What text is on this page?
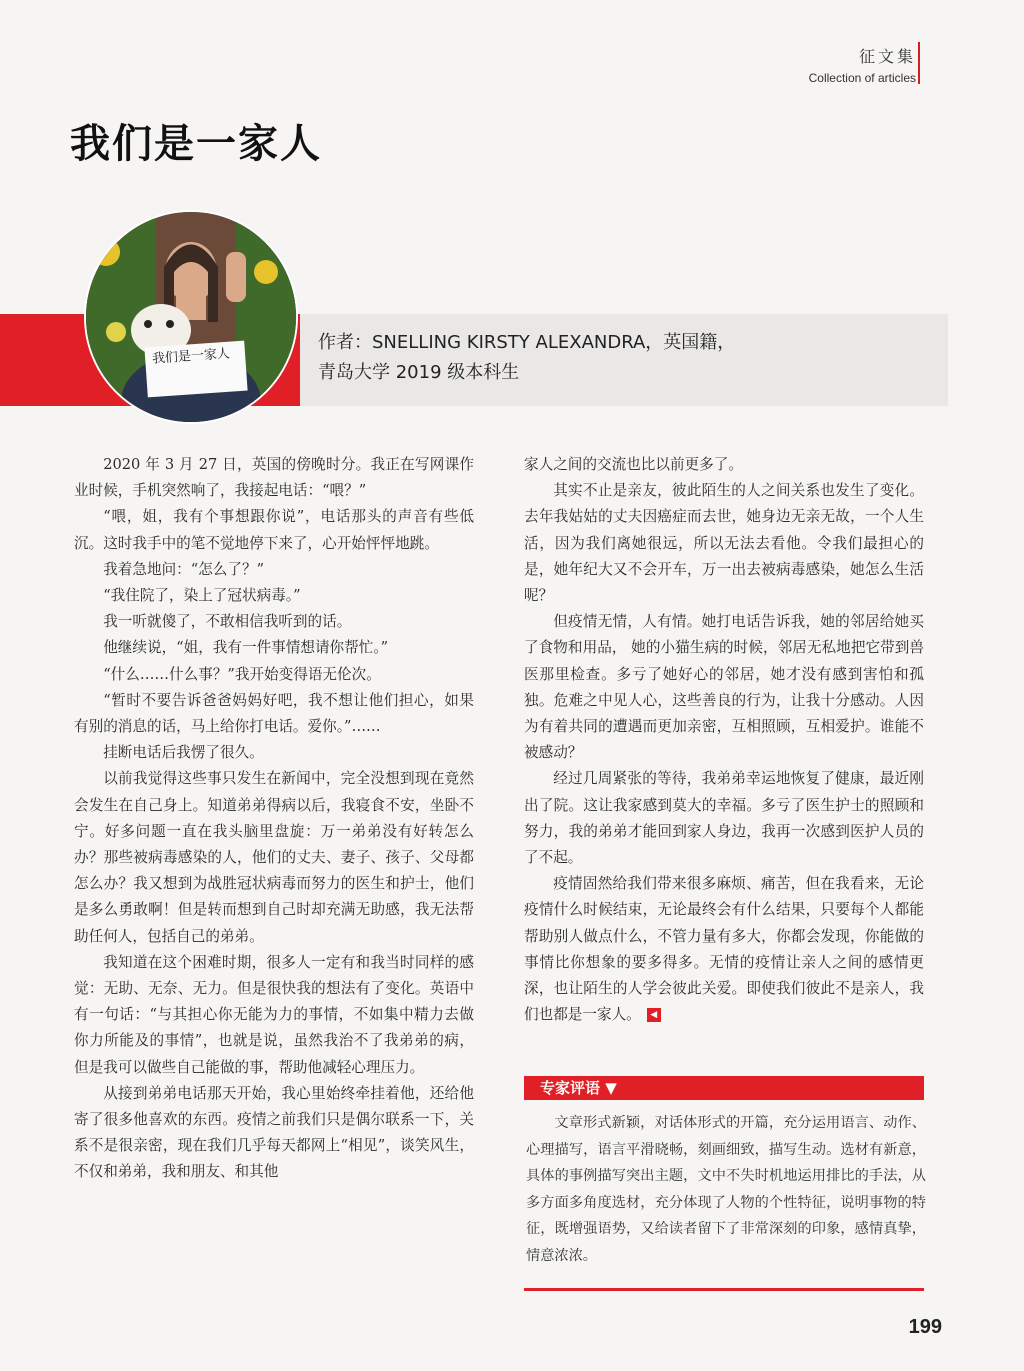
征文集
Collection of articles
我们是一家人
我们是一家人
作者：SNELLING KIRSTY ALEXANDRA，英国籍，
青岛大学 2019 级本科生

2020 年 3 月 27 日，英国的傍晚时分。我正在写网课作业时候，手机突然响了，我接起电话：“喂？”

“喂，姐，我有个事想跟你说”，电话那头的声音有些低沉。这时我手中的笔不觉地停下来了，心开始怦怦地跳。

我着急地问：“怎么了？”

“我住院了，染上了冠状病毒。”

我一听就傻了，不敢相信我听到的话。

他继续说，“姐，我有一件事情想请你帮忙。”

“什么……什么事？”我开始变得语无伦次。

“暂时不要告诉爸爸妈妈好吧，我不想让他们担心，如果有别的消息的话，马上给你打电话。爱你。”……

挂断电话后我愣了很久。

以前我觉得这些事只发生在新闻中，完全没想到现在竟然会发生在自己身上。知道弟弟得病以后，我寝食不安，坐卧不宁。好多问题一直在我头脑里盘旋：万一弟弟没有好转怎么办？那些被病毒感染的人，他们的丈夫、妻子、孩子、父母都怎么办？我又想到为战胜冠状病毒而努力的医生和护士，他们是多么勇敢啊！但是转而想到自己时却充满无助感，我无法帮助任何人，包括自己的弟弟。

我知道在这个困难时期，很多人一定有和我当时同样的感觉：无助、无奈、无力。但是很快我的想法有了变化。英语中有一句话：“与其担心你无能为力的事情，不如集中精力去做你力所能及的事情”，也就是说，虽然我治不了我弟弟的病，但是我可以做些自己能做的事，帮助他减轻心理压力。

从接到弟弟电话那天开始，我心里始终牵挂着他，还给他寄了很多他喜欢的东西。疫情之前我们只是偶尔联系一下，关系不是很亲密，现在我们几乎每天都网上“相见”，谈笑风生，不仅和弟弟，我和朋友、和其他

家人之间的交流也比以前更多了。

其实不止是亲友，彼此陌生的人之间关系也发生了变化。去年我姑姑的丈夫因癌症而去世，她身边无亲无故，一个人生活，因为我们离她很远，所以无法去看他。令我们最担心的是，她年纪大又不会开车，万一出去被病毒感染，她怎么生活呢？

但疫情无情，人有情。她打电话告诉我，她的邻居给她买了食物和用品， 她的小猫生病的时候，邻居无私地把它带到兽医那里检查。多亏了她好心的邻居，她才没有感到害怕和孤独。危难之中见人心，这些善良的行为，让我十分感动。人因为有着共同的遭遇而更加亲密，互相照顾，互相爱护。谁能不被感动？

经过几周紧张的等待，我弟弟幸运地恢复了健康，最近刚出了院。这让我家感到莫大的幸福。多亏了医生护士的照顾和努力，我的弟弟才能回到家人身边，我再一次感到医护人员的了不起。

疫情固然给我们带来很多麻烦、痛苦，但在我看来，无论疫情什么时候结束，无论最终会有什么结果，只要每个人都能帮助别人做点什么，不管力量有多大，你都会发现，你能做的事情比你想象的要多得多。无情的疫情让亲人之间的感情更深，也让陌生的人学会彼此关爱。即使我们彼此不是亲人，我们也都是一家人。 ◀

专家评语 ▼

文章形式新颖，对话体形式的开篇，充分运用语言、动作、心理描写，语言平滑晓畅，刻画细致，描写生动。选材有新意，具体的事例描写突出主题，文中不失时机地运用排比的手法，从多方面多角度选材，充分体现了人物的个性特征，说明事物的特征，既增强语势，又给读者留下了非常深刻的印象，感情真挚，情意浓浓。

199
